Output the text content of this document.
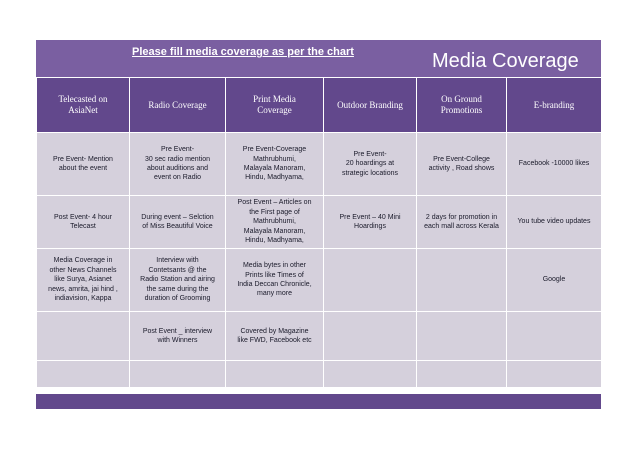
Please fill media coverage as per the chart	Media Coverage
Telecasted on
AsiaNet	Radio Coverage	Print Media
Coverage	Outdoor Branding	On Ground
Promotions	E-branding

Pre Event- Mention
about the event	Pre Event-
30 sec radio mention
about auditions and
event on Radio	Pre Event-Coverage
Mathrubhumi,
Malayala Manoram,
Hindu, Madhyama,	Pre Event-
20 hoardings at
strategic locations	Pre Event-College
activity , Road shows	Facebook -10000 likes

Post Event- 4 hour
Telecast	During event – Selction
of Miss Beautiful Voice	Post Event – Articles on
the First page of
Mathrubhumi,
Malayala Manoram,
Hindu, Madhyama,	Pre Event – 40 Mini
Hoardings	2 days for promotion in
each mall across Kerala	You tube video updates

Media Coverage in
other News Channels
like Surya, Asianet
news, amrita, jai hind ,
indiavision, Kappa	Interview with
Contetsants @ the
Radio Station and airing
the same during the
duration of Grooming	Media bytes in other
Prints like Times of
India Deccan Chronicle,
many more			Google

	Post Event _ interview
with Winners	Covered by Magazine
like FWD, Facebook etc			
